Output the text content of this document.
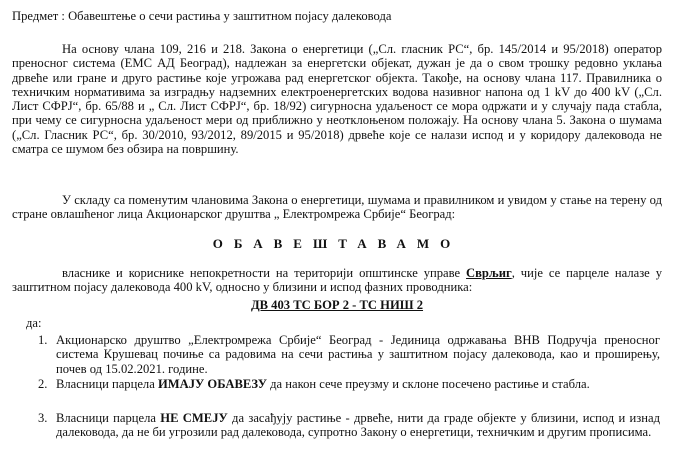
Предмет : Обавештење о сечи растиња у заштитном појасу далековода
На основу члана 109, 216 и 218. Закона о енергетици („Сл. гласник РС“, бр. 145/2014 и 95/2018) оператор преносног система (ЕМС АД Београд), надлежан за енергетски објекат, дужан је да о свом трошку редовно уклања дрвеће или гране и друго растиње које угрожава рад енергетског објекта. Такође, на основу члана 117. Правилника о техничким нормативима за изградњу надземних електроенергетских водова називног напона од 1 kV до 400 kV („Сл. Лист СФРЈ“, бр. 65/88 и „ Сл. Лист СФРЈ“, бр. 18/92) сигурносна удаљеност се мора одржати и у случају пада стабла, при чему се сигурносна удаљеност мери од приближно у неотклоњеном положају. На основу члана 5. Закона о шумама („Сл. Гласник РС“, бр. 30/2010, 93/2012, 89/2015 и 95/2018) дрвеће које се налази испод и у коридору далековода не сматра се шумом без обзира на површину.
У складу са поменутим члановима Закона о енергетици, шумама и правилником и увидом у стање на терену од стране овлашћеног лица Акционарског друштва „ Електромрежа Србије“ Београд:
ОБАВЕШТАВАМО
власнике и кориснике непокретности на територији општинске управе Сврљиг, чије се парцеле налазе у заштитном појасу далековода 400 kV, односно у близини и испод фазних проводника:
ДВ 403 ТС БОР 2 - ТС НИШ 2
да:
1. Акционарско друштво „Електромрежа Србије“ Београд - Јединица одржавања ВНВ Подручја преносног система Крушевац почиње са радовима на сечи растиња у заштитном појасу далековода, као и проширењу, почев од 15.02.2021. године.
2. Власници парцела ИМАЈУ ОБАВЕЗУ да након сече преузму и склоне посечено растиње и стабла.
3. Власници парцела НЕ СМЕЈУ да засађују растиње - дрвеће, нити да граде објекте у близини, испод и изнад далековода, да не би угрозили рад далековода, супротно Закону о енергетици, техничким и другим прописима.
